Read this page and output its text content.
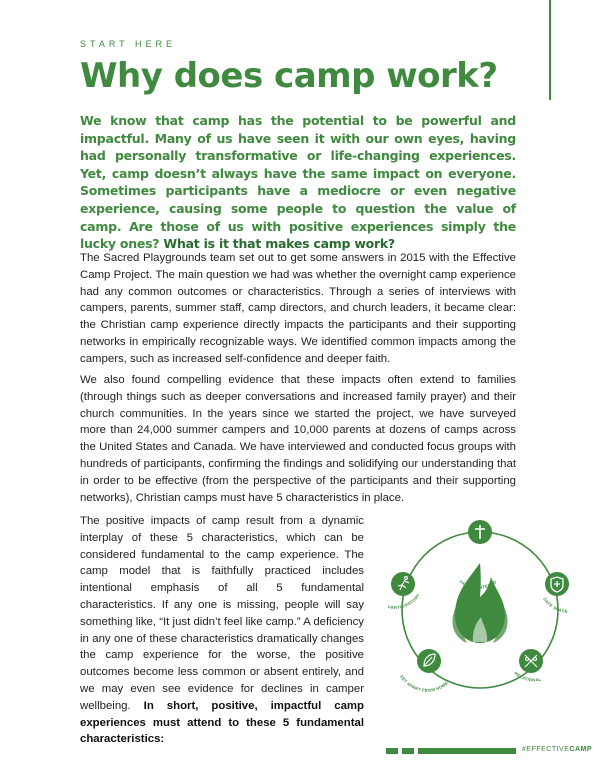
START HERE
Why does camp work?

We know that camp has the potential to be powerful and impactful. Many of us have seen it with our own eyes, having had personally transformative or life-changing experiences. Yet, camp doesn’t always have the same impact on everyone. Sometimes participants have a mediocre or even negative experience, causing some people to question the value of camp. Are those of us with positive experiences simply the lucky ones? What is it that makes camp work?

The Sacred Playgrounds team set out to get some answers in 2015 with the Effective Camp Project. The main question we had was whether the overnight camp experience had any common outcomes or characteristics. Through a series of interviews with campers, parents, summer staff, camp directors, and church leaders, it became clear: the Christian camp experience directly impacts the participants and their supporting networks in empirically recognizable ways. We identified common impacts among the campers, such as increased self-confidence and deeper faith.

We also found compelling evidence that these impacts often extend to families (through things such as deeper conversations and increased family prayer) and their church communities. In the years since we started the project, we have surveyed more than 24,000 summer campers and 10,000 parents at dozens of camps across the United States and Canada. We have interviewed and conducted focus groups with hundreds of participants, confirming the findings and solidifying our understanding that in order to be effective (from the perspective of the participants and their supporting networks), Christian camps must have 5 characteristics in place.

The positive impacts of camp result from a dynamic interplay of these 5 characteristics, which can be considered fundamental to the camp experience. The camp model that is faithfully practiced includes intentional emphasis of all 5 fundamental characteristics. If any one is missing, people will say something like, “It just didn’t feel like camp.” A deficiency in any one of these characteristics dramatically changes the camp experience for the worse, the positive outcomes become less common or absent entirely, and we may even see evidence for declines in camper wellbeing. In short, positive, impactful camp experiences must attend to these 5 fundamental characteristics:

FAITH CENTERED
SAFE SPACE
RELATIONAL
SET APART FROM HOME
PARTICIPATORY
#EFFECTIVECAMP
